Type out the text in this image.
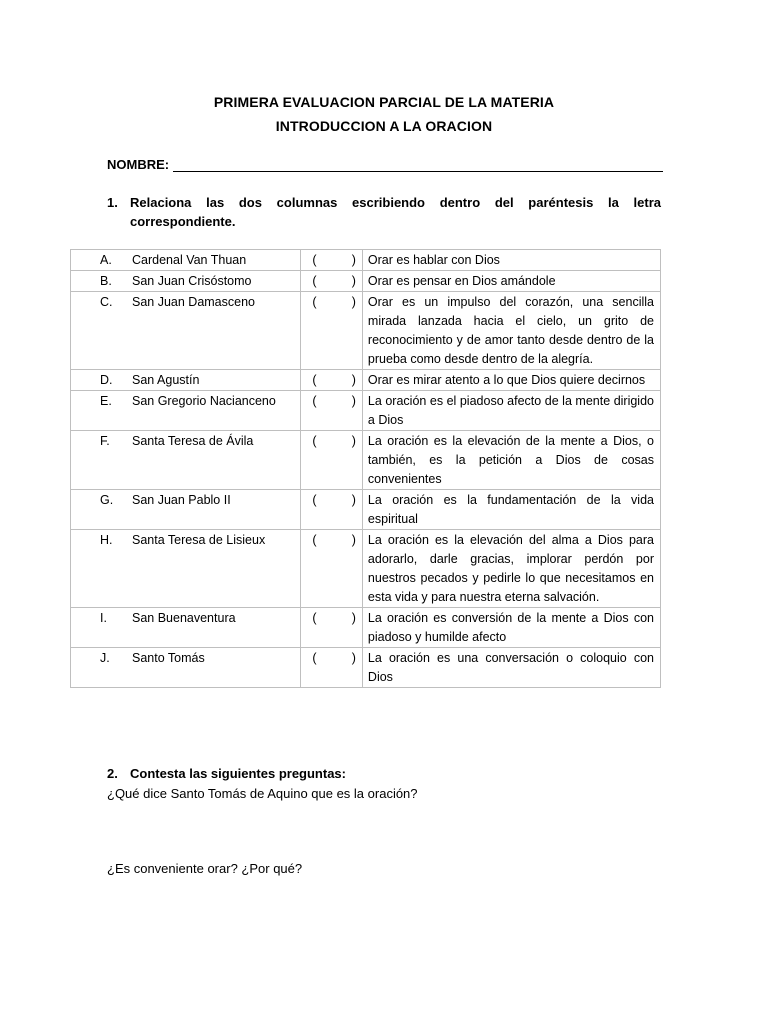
PRIMERA EVALUACION PARCIAL DE LA MATERIA
INTRODUCCION A LA ORACION
NOMBRE:
1. Relaciona las dos columnas escribiendo dentro del paréntesis la letra correspondiente.
A. Cardenal Van Thuan	( )	Orar es hablar con Dios

B. San Juan Crisóstomo	( )	Orar es pensar en Dios amándole

C. San Juan Damasceno	( )	Orar es un impulso del corazón, una sencilla mirada lanzada hacia el cielo, un grito de reconocimiento y de amor tanto desde dentro de la prueba como desde dentro de la alegría.

D. San Agustín	( )	Orar es mirar atento a lo que Dios quiere decirnos

E. San Gregorio Nacianceno	( )	La oración es el piadoso afecto de la mente dirigido a Dios

F. Santa Teresa de Ávila	( )	La oración es la elevación de la mente a Dios, o también, es la petición a Dios de cosas convenientes

G. San Juan Pablo II	( )	La oración es la fundamentación de la vida espiritual

H. Santa Teresa de Lisieux	( )	La oración es la elevación del alma a Dios para adorarlo, darle gracias, implorar perdón por nuestros pecados y pedirle lo que necesitamos en esta vida y para nuestra eterna salvación.

I. San Buenaventura	( )	La oración es conversión de la mente a Dios con piadoso y humilde afecto

J. Santo Tomás	( )	La oración es una conversación o coloquio con Dios
2. Contesta las siguientes preguntas:
¿Qué dice Santo Tomás de Aquino que es la oración?
¿Es conveniente orar? ¿Por qué?
